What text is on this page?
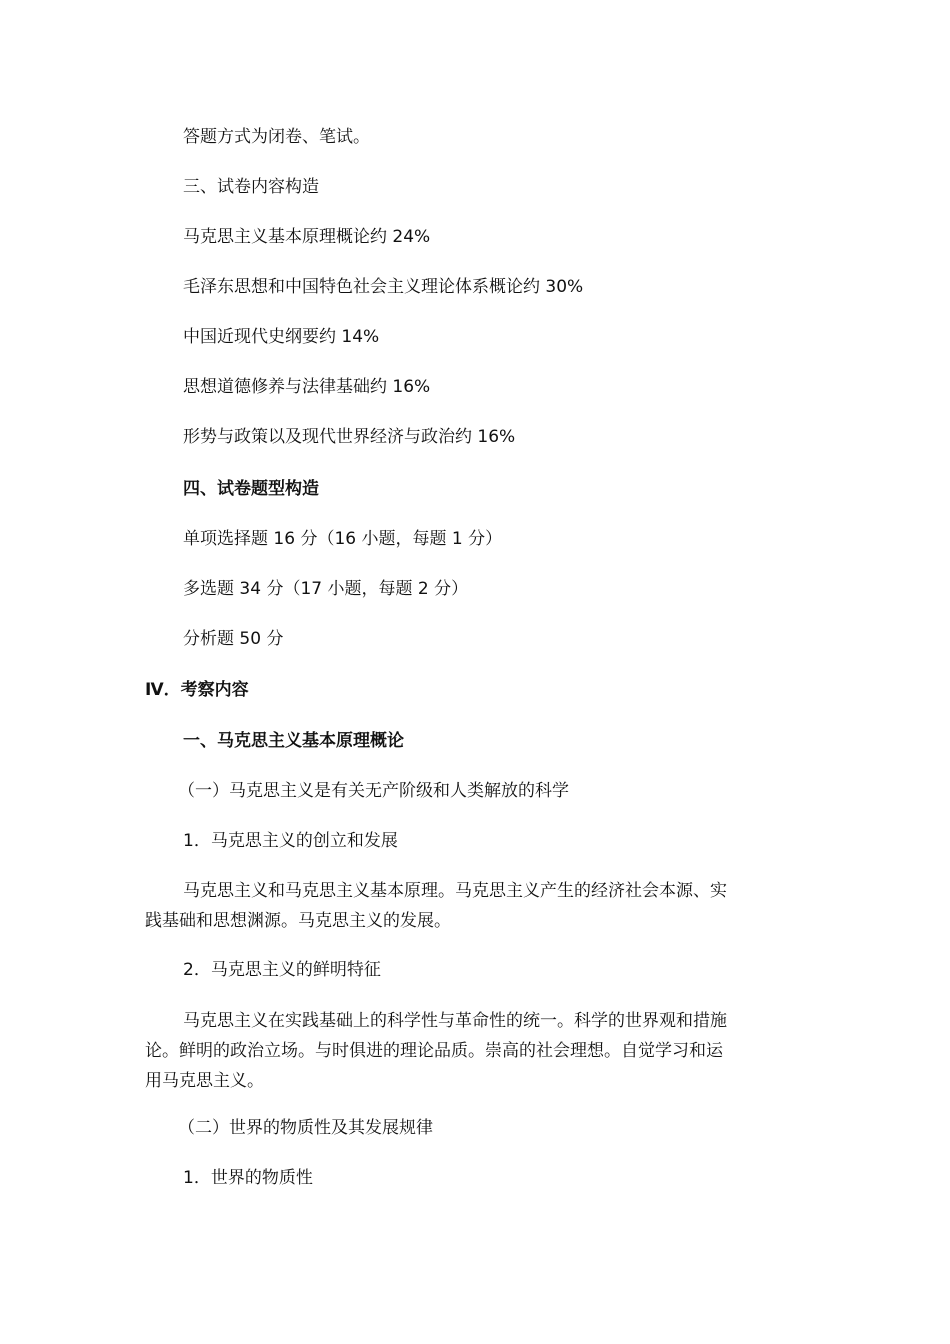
答题方式为闭卷、笔试。
三、试卷内容构造
马克思主义基本原理概论约 24%
毛泽东思想和中国特色社会主义理论体系概论约 30%
中国近现代史纲要约 14%
思想道德修养与法律基础约 16%
形势与政策以及现代世界经济与政治约 16%
四、试卷题型构造
单项选择题 16 分（16 小题，每题 1 分）
多选题 34 分（17 小题，每题 2 分）
分析题 50 分
Ⅳ．考察内容
一、马克思主义基本原理概论
（一）马克思主义是有关无产阶级和人类解放的科学
1．马克思主义的创立和发展
马克思主义和马克思主义基本原理。马克思主义产生的经济社会本源、实
践基础和思想渊源。马克思主义的发展。
2．马克思主义的鲜明特征
马克思主义在实践基础上的科学性与革命性的统一。科学的世界观和措施
论。鲜明的政治立场。与时俱进的理论品质。崇高的社会理想。自觉学习和运
用马克思主义。
（二）世界的物质性及其发展规律
1．世界的物质性
